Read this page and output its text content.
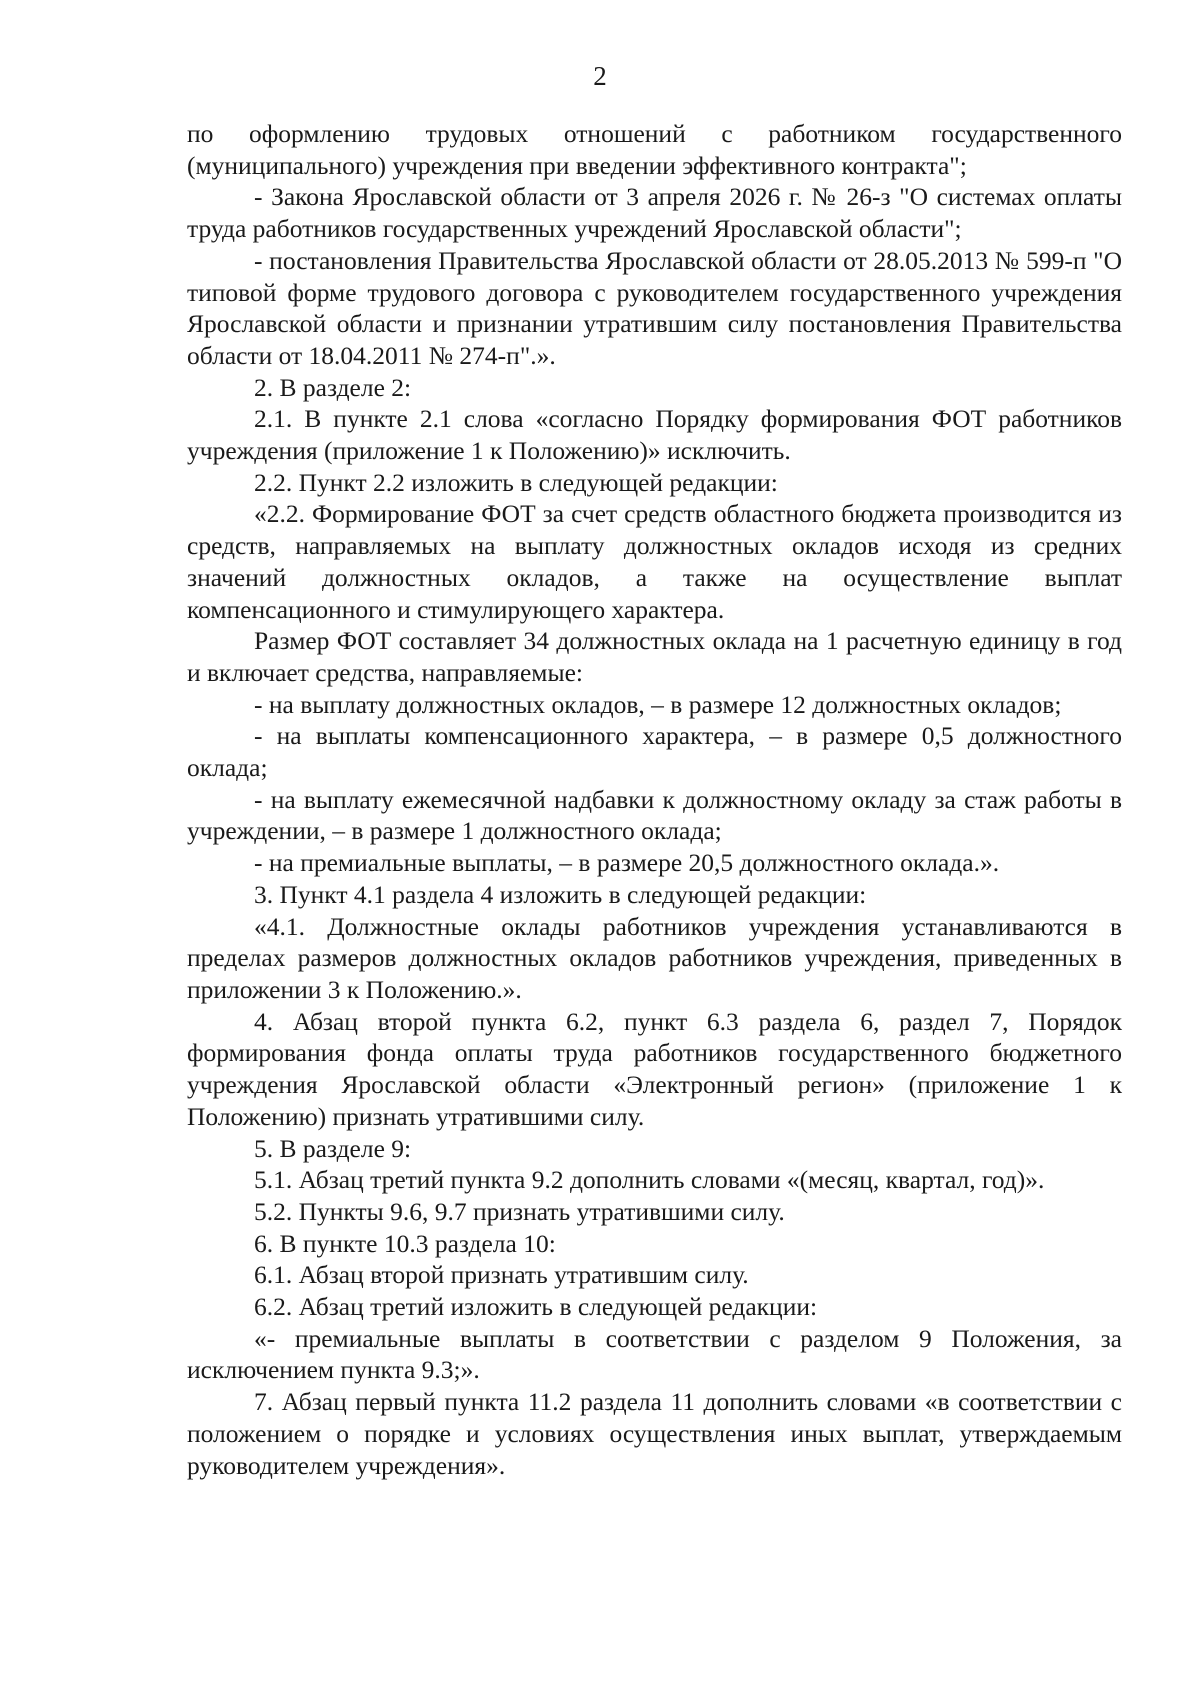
2

по оформлению трудовых отношений с работником государственного (муниципального) учреждения при введении эффективного контракта";

- Закона Ярославской области от 3 апреля 2026 г. № 26-з "О системах оплаты труда работников государственных учреждений Ярославской области";

- постановления Правительства Ярославской области от 28.05.2013 № 599-п "О типовой форме трудового договора с руководителем государственного учреждения Ярославской области и признании утратившим силу постановления Правительства области от 18.04.2011 № 274-п".».

2. В разделе 2:

2.1. В пункте 2.1 слова «согласно Порядку формирования ФОТ работников учреждения (приложение 1 к Положению)» исключить.

2.2. Пункт 2.2 изложить в следующей редакции:

«2.2. Формирование ФОТ за счет средств областного бюджета производится из средств, направляемых на выплату должностных окладов исходя из средних значений должностных окладов, а также на осуществление выплат компенсационного и стимулирующего характера.

Размер ФОТ составляет 34 должностных оклада на 1 расчетную единицу в год и включает средства, направляемые:

- на выплату должностных окладов, – в размере 12 должностных окладов;

- на выплаты компенсационного характера, – в размере 0,5 должностного оклада;

- на выплату ежемесячной надбавки к должностному окладу за стаж работы в учреждении, – в размере 1 должностного оклада;

- на премиальные выплаты, – в размере 20,5 должностного оклада.».

3. Пункт 4.1 раздела 4 изложить в следующей редакции:

«4.1. Должностные оклады работников учреждения устанавливаются в пределах размеров должностных окладов работников учреждения, приведенных в приложении 3 к Положению.».

4. Абзац второй пункта 6.2, пункт 6.3 раздела 6, раздел 7, Порядок формирования фонда оплаты труда работников государственного бюджетного учреждения Ярославской области «Электронный регион» (приложение 1 к Положению) признать утратившими силу.

5. В разделе 9:

5.1. Абзац третий пункта 9.2 дополнить словами «(месяц, квартал, год)».

5.2. Пункты 9.6, 9.7 признать утратившими силу.

6. В пункте 10.3 раздела 10:

6.1. Абзац второй признать утратившим силу.

6.2. Абзац третий изложить в следующей редакции:

«- премиальные выплаты в соответствии с разделом 9 Положения, за исключением пункта 9.3;».

7. Абзац первый пункта 11.2 раздела 11 дополнить словами «в соответствии с положением о порядке и условиях осуществления иных выплат, утверждаемым руководителем учреждения».
